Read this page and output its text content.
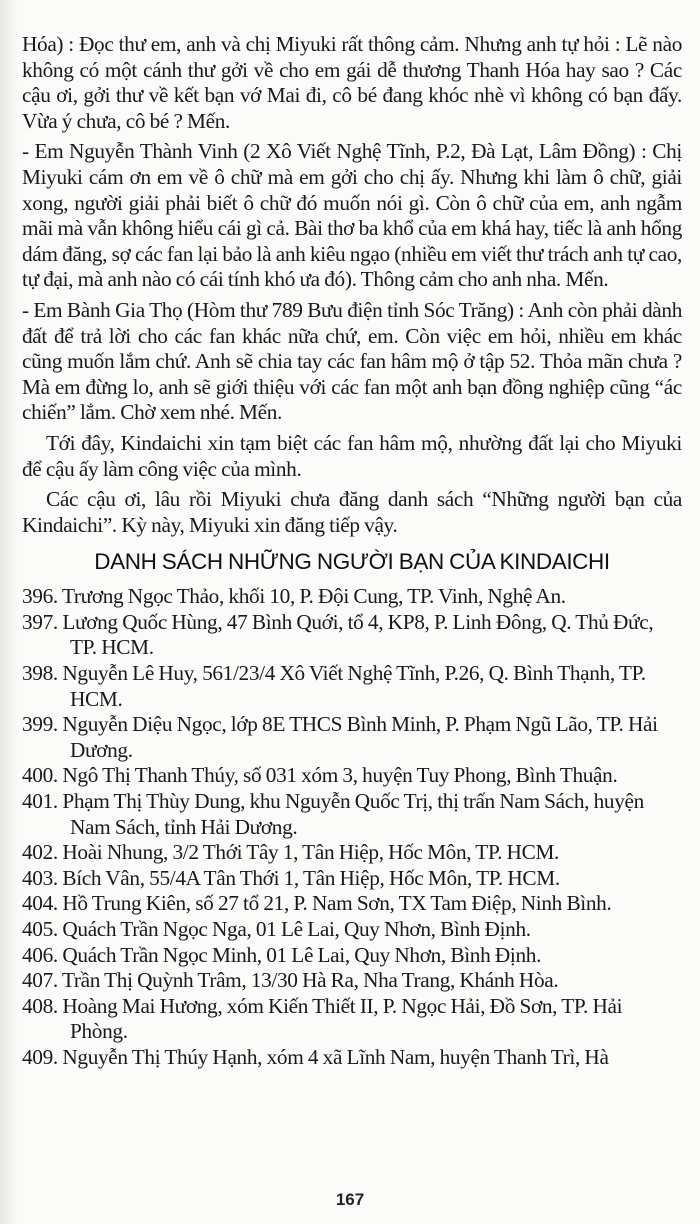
Hóa) : Đọc thư em, anh và chị Miyuki rất thông cảm. Nhưng anh tự hỏi : Lẽ nào không có một cánh thư gởi về cho em gái dễ thương Thanh Hóa hay sao ? Các cậu ơi, gởi thư về kết bạn vớ Mai đi, cô bé đang khóc nhè vì không có bạn đấy. Vừa ý chưa, cô bé ? Mến.

- Em Nguyễn Thành Vinh (2 Xô Viết Nghệ Tĩnh, P.2, Đà Lạt, Lâm Đồng) : Chị Miyuki cám ơn em về ô chữ mà em gởi cho chị ấy. Nhưng khi làm ô chữ, giải xong, người giải phải biết ô chữ đó muốn nói gì. Còn ô chữ của em, anh ngẫm mãi mà vẫn không hiểu cái gì cả. Bài thơ ba khổ của em khá hay, tiếc là anh hổng dám đăng, sợ các fan lại bảo là anh kiêu ngạo (nhiều em viết thư trách anh tự cao, tự đại, mà anh nào có cái tính khó ưa đó). Thông cảm cho anh nha. Mến.

- Em Bành Gia Thọ (Hòm thư 789 Bưu điện tỉnh Sóc Trăng) : Anh còn phải dành đất để trả lời cho các fan khác nữa chứ, em. Còn việc em hỏi, nhiều em khác cũng muốn lắm chứ. Anh sẽ chia tay các fan hâm mộ ở tập 52. Thỏa mãn chưa ? Mà em đừng lo, anh sẽ giới thiệu với các fan một anh bạn đồng nghiệp cũng “ác chiến” lắm. Chờ xem nhé. Mến.

Tới đây, Kindaichi xin tạm biệt các fan hâm mộ, nhường đất lại cho Miyuki để cậu ấy làm công việc của mình.

Các cậu ơi, lâu rồi Miyuki chưa đăng danh sách “Những người bạn của Kindaichi”. Kỳ này, Miyuki xin đăng tiếp vậy.

DANH SÁCH NHỮNG NGƯỜI BẠN CỦA KINDAICHI
396. Trương Ngọc Thảo, khối 10, P. Đội Cung, TP. Vinh, Nghệ An.
397. Lương Quốc Hùng, 47 Bình Quới, tổ 4, KP8, P. Linh Đông, Q. Thủ Đức, TP. HCM.
398. Nguyễn Lê Huy, 561/23/4 Xô Viết Nghệ Tĩnh, P.26, Q. Bình Thạnh, TP. HCM.
399. Nguyễn Diệu Ngọc, lớp 8E THCS Bình Minh, P. Phạm Ngũ Lão, TP. Hải Dương.
400. Ngô Thị Thanh Thúy, số 031 xóm 3, huyện Tuy Phong, Bình Thuận.
401. Phạm Thị Thùy Dung, khu Nguyễn Quốc Trị, thị trấn Nam Sách, huyện Nam Sách, tỉnh Hải Dương.
402. Hoài Nhung, 3/2 Thới Tây 1, Tân Hiệp, Hốc Môn, TP. HCM.
403. Bích Vân, 55/4A Tân Thới 1, Tân Hiệp, Hốc Môn, TP. HCM.
404. Hồ Trung Kiên, số 27 tổ 21, P. Nam Sơn, TX Tam Điệp, Ninh Bình.
405. Quách Trần Ngọc Nga, 01 Lê Lai, Quy Nhơn, Bình Định.
406. Quách Trần Ngọc Minh, 01 Lê Lai, Quy Nhơn, Bình Định.
407. Trần Thị Quỳnh Trâm, 13/30 Hà Ra, Nha Trang, Khánh Hòa.
408. Hoàng Mai Hương, xóm Kiến Thiết II, P. Ngọc Hải, Đồ Sơn, TP. Hải Phòng.
409. Nguyễn Thị Thúy Hạnh, xóm 4 xã Lĩnh Nam, huyện Thanh Trì, Hà
167
